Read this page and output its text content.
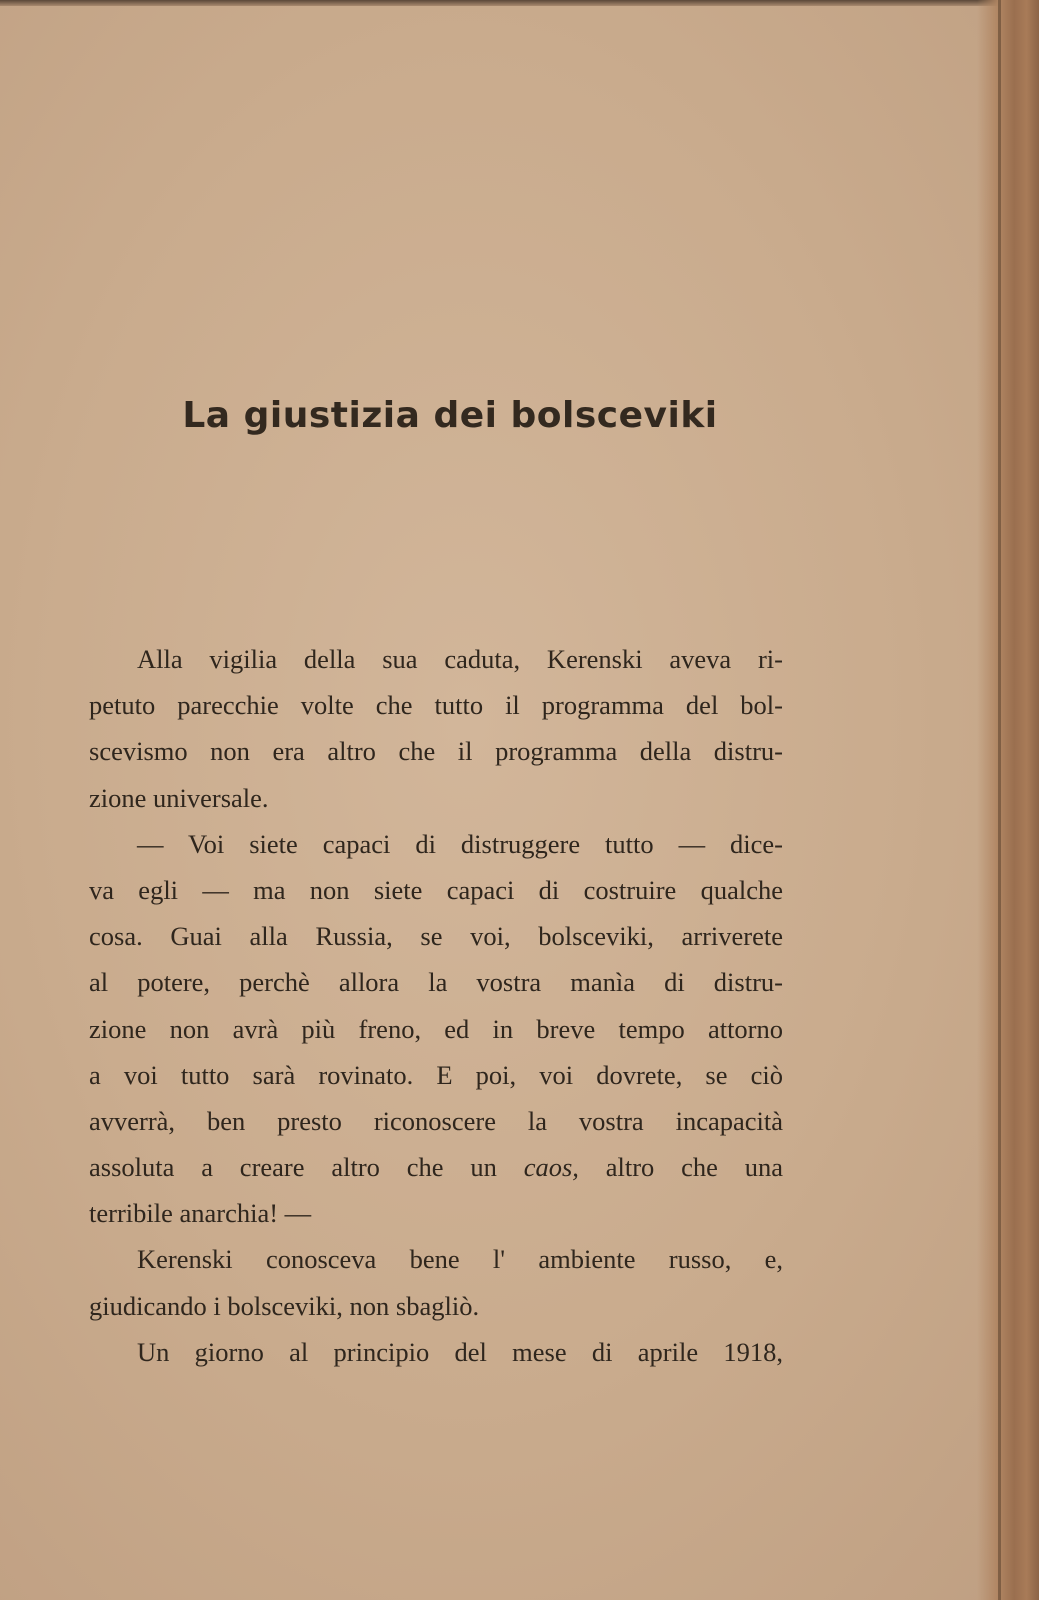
La giustizia dei bolsceviki
Alla vigilia della sua caduta, Kerenski aveva ri-
petuto parecchie volte che tutto il programma del bol-
scevismo non era altro che il programma della distru-
zione universale.
— Voi siete capaci di distruggere tutto — dice-
va egli — ma non siete capaci di costruire qualche
cosa. Guai alla Russia, se voi, bolsceviki, arriverete
al potere, perchè allora la vostra manìa di distru-
zione non avrà più freno, ed in breve tempo attorno
a voi tutto sarà rovinato. E poi, voi dovrete, se ciò
avverrà, ben presto riconoscere la vostra incapacità
assoluta a creare altro che un caos, altro che una
terribile anarchia! —
Kerenski conosceva bene l' ambiente russo, e,
giudicando i bolsceviki, non sbagliò.
Un giorno al principio del mese di aprile 1918,
